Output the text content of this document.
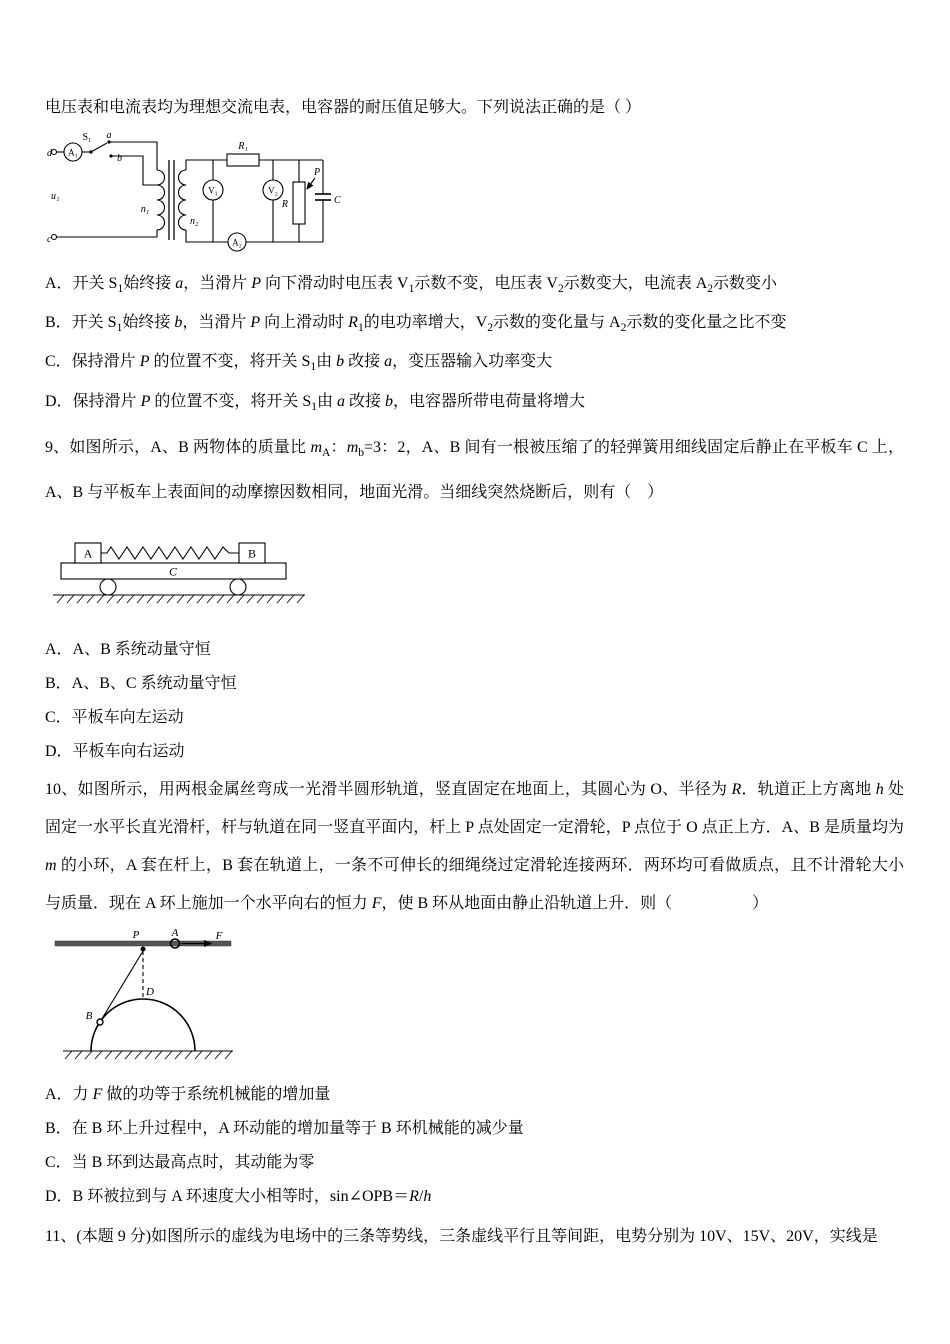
电压表和电流表均为理想交流电表，电容器的耐压值足够大。下列说法正确的是（ ）

d
c
u₁
S₁ a
b
A₁
n₁
n₂
V₁	V₂
A₂
R₁
R
P
C
A．开关 $S_1$始终接 a，当滑片 P 向下滑动时电压表 $V_1$示数不变，电压表 $V_2$示数变大，电流表 $A_2$示数变小
B．开关 $S_1$始终接 b，当滑片 P 向上滑动时 $R_1$的电功率增大，$V_2$示数的变化量与 $A_2$示数的变化量之比不变
C．保持滑片 P 的位置不变，将开关 $S_1$由 b 改接 a，变压器输入功率变大
D．保持滑片 P 的位置不变，将开关 $S_1$由 a 改接 b，电容器所带电荷量将增大

9、如图所示，A、B 两物体的质量比 $m_A$：$m_b=3$：2，A、B 间有一根被压缩了的轻弹簧用细线固定后静止在平板车 C 上，A、B 与平板车上表面间的动摩擦因数相同，地面光滑。当细线突然烧断后，则有（　）

A	B
C
A．A、B 系统动量守恒
B．A、B、C 系统动量守恒
C．平板车向左运动
D．平板车向右运动

10、如图所示，用两根金属丝弯成一光滑半圆形轨道，竖直固定在地面上，其圆心为 O、半径为 R．轨道正上方离地 h 处固定一水平长直光滑杆，杆与轨道在同一竖直平面内，杆上 P 点处固定一定滑轮，P 点位于 O 点正上方．A、B 是质量均为 m 的小环，A 套在杆上，B 套在轨道上，一条不可伸长的细绳绕过定滑轮连接两环．两环均可看做质点，且不计滑轮大小与质量．现在 A 环上施加一个水平向右的恒力 F，使 B 环从地面由静止沿轨道上升．则（　　　　　）

P	A	F
D
B
A．力 F 做的功等于系统机械能的增加量
B．在 B 环上升过程中，A 环动能的增加量等于 B 环机械能的减少量
C．当 B 环到达最高点时，其动能为零
D．B 环被拉到与 A 环速度大小相等时，sin∠OPB＝R/h

11、(本题 9 分)如图所示的虚线为电场中的三条等势线，三条虚线平行且等间距，电势分别为 10V、15V、20V，实线是
